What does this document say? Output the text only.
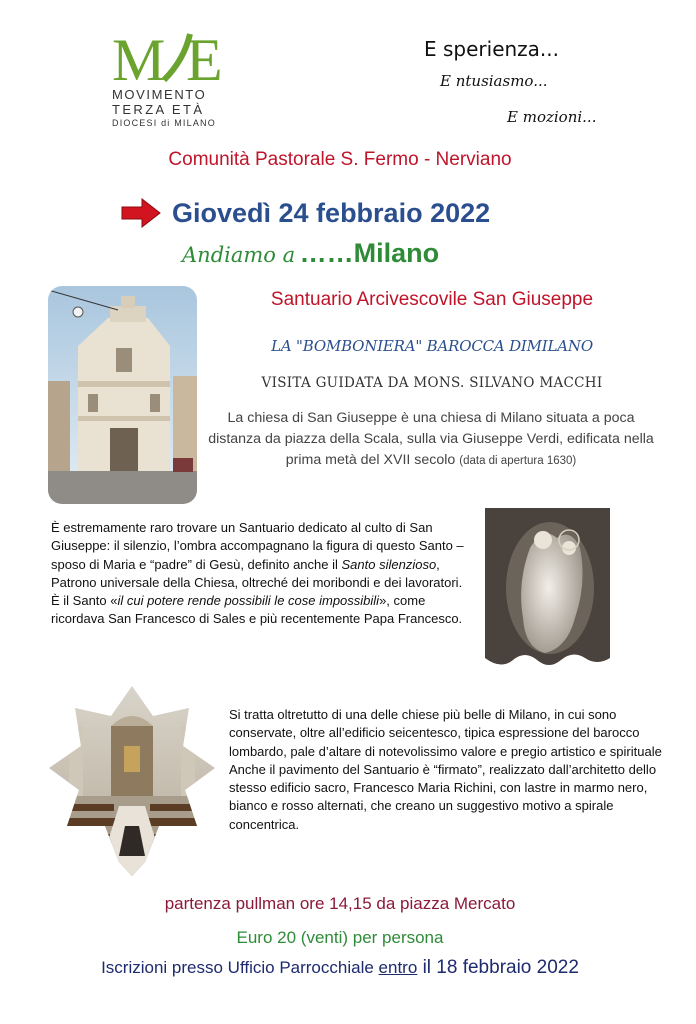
M E
MOVIMENTO
TERZA ETÀ
DIOCESI di MILANO
E sperienza...
E ntusiasmo...
E mozioni...
Comunità Pastorale S. Fermo - Nerviano
Giovedì 24 febbraio 2022
Andiamo a ……Milano
Santuario Arcivescovile San Giuseppe
LA "BOMBONIERA" BAROCCA DIMILANO
VISITA GUIDATA DA MONS. SILVANO MACCHI
La chiesa di San Giuseppe è una chiesa di Milano situata a poca distanza da piazza della Scala, sulla via Giuseppe Verdi, edificata nella prima metà del XVII secolo (data di apertura 1630)
È estremamente raro trovare un Santuario dedicato al culto di San Giuseppe: il silenzio, l’ombra accompagnano la figura di questo Santo – sposo di Maria e “padre” di Gesù, definito anche il Santo silenzioso, Patrono universale della Chiesa, oltreché dei moribondi e dei lavoratori.
È il Santo «il cui potere rende possibili le cose impossibili», come ricordava San Francesco di Sales e più recentemente Papa Francesco.
Si tratta oltretutto di una delle chiese più belle di Milano, in cui sono conservate, oltre all’edificio seicentesco, tipica espressione del barocco lombardo, pale d’altare di notevolissimo valore e pregio artistico e spirituale
Anche il pavimento del Santuario è “firmato”, realizzato dall’architetto dello stesso edificio sacro, Francesco Maria Richini, con lastre in marmo nero, bianco e rosso alternati, che creano un suggestivo motivo a spirale concentrica.
partenza pullman ore 14,15 da piazza Mercato
Euro 20 (venti) per persona
Iscrizioni presso Ufficio Parrocchiale entro il 18 febbraio 2022
